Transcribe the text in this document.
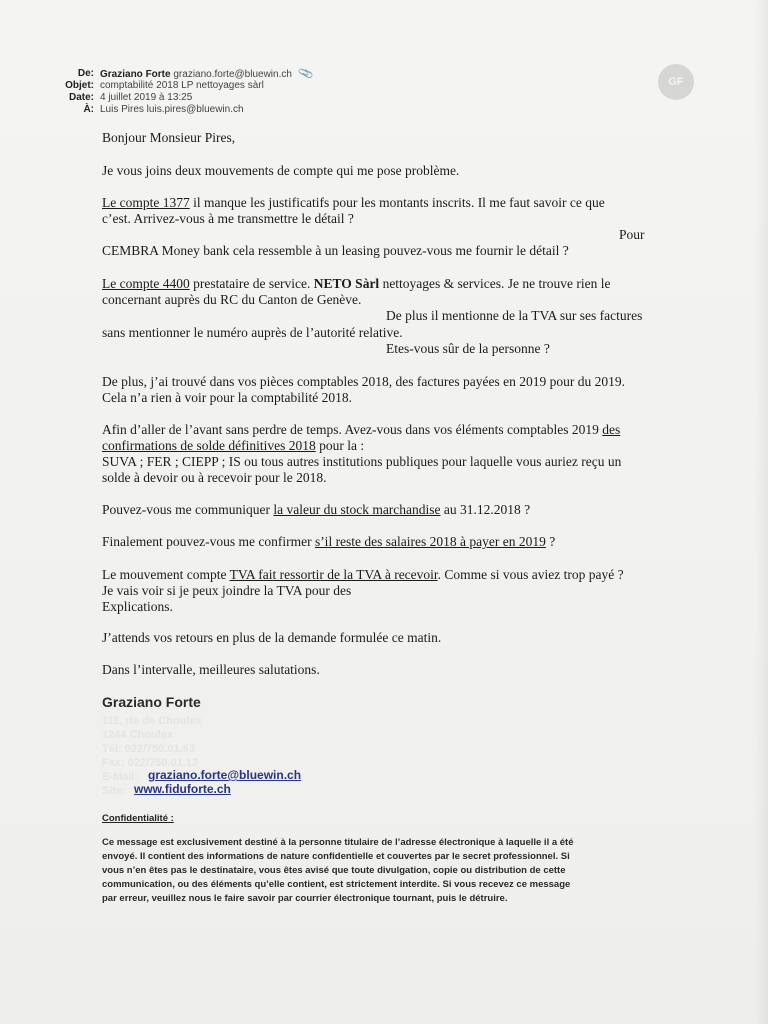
De: Graziano Forte graziano.forte@bluewin.ch 📎
Objet: comptabilité 2018 LP nettoyages sàrl
Date: 4 juillet 2019 à 13:25
À: Luis Pires luis.pires@bluewin.ch
GF
Bonjour Monsieur Pires,
Je vous joins deux mouvements de compte qui me pose problème.
Le compte 1377 il manque les justificatifs pour les montants inscrits. Il me faut savoir ce que
c’est. Arrivez-vous à me transmettre le détail ?
Pour
CEMBRA Money bank cela ressemble à un leasing pouvez-vous me fournir le détail ?
Le compte 4400 prestataire de service. NETO Sàrl nettoyages & services. Je ne trouve rien le
concernant auprès du RC du Canton de Genève.
De plus il mentionne de la TVA sur ses factures
sans mentionner le numéro auprès de l’autorité relative.
Etes-vous sûr de la personne ?
De plus, j’ai trouvé dans vos pièces comptables 2018, des factures payées en 2019 pour du 2019.
Cela n’a rien à voir pour la comptabilité 2018.
Afin d’aller de l’avant sans perdre de temps. Avez-vous dans vos éléments comptables 2019 des
confirmations de solde définitives 2018 pour la :
SUVA ; FER ; CIEPP ; IS ou tous autres institutions publiques pour laquelle vous auriez reçu un
solde à devoir ou à recevoir pour le 2018.
Pouvez-vous me communiquer la valeur du stock marchandise au 31.12.2018 ?
Finalement pouvez-vous me confirmer s’il reste des salaires 2018 à payer en 2019 ?
Le mouvement compte TVA fait ressortir de la TVA à recevoir. Comme si vous aviez trop payé ?
Je vais voir si je peux joindre la TVA pour des
Explications.
J’attends vos retours en plus de la demande formulée ce matin.
Dans l’intervalle, meilleures salutations.
Graziano Forte
111, rte de Choulex
1244 Choulex
Tél: 022/750.01.63
Fax: 022/750.01.13
E-Mail: graziano.forte@bluewin.ch
Site: www.fiduforte.ch
Confidentialité :
Ce message est exclusivement destiné à la personne titulaire de l’adresse électronique à laquelle il a été
envoyé. Il contient des informations de nature confidentielle et couvertes par le secret professionnel. Si
vous n’en êtes pas le destinataire, vous êtes avisé que toute divulgation, copie ou distribution de cette
communication, ou des éléments qu’elle contient, est strictement interdite. Si vous recevez ce message
par erreur, veuillez nous le faire savoir par courrier électronique tournant, puis le détruire.
